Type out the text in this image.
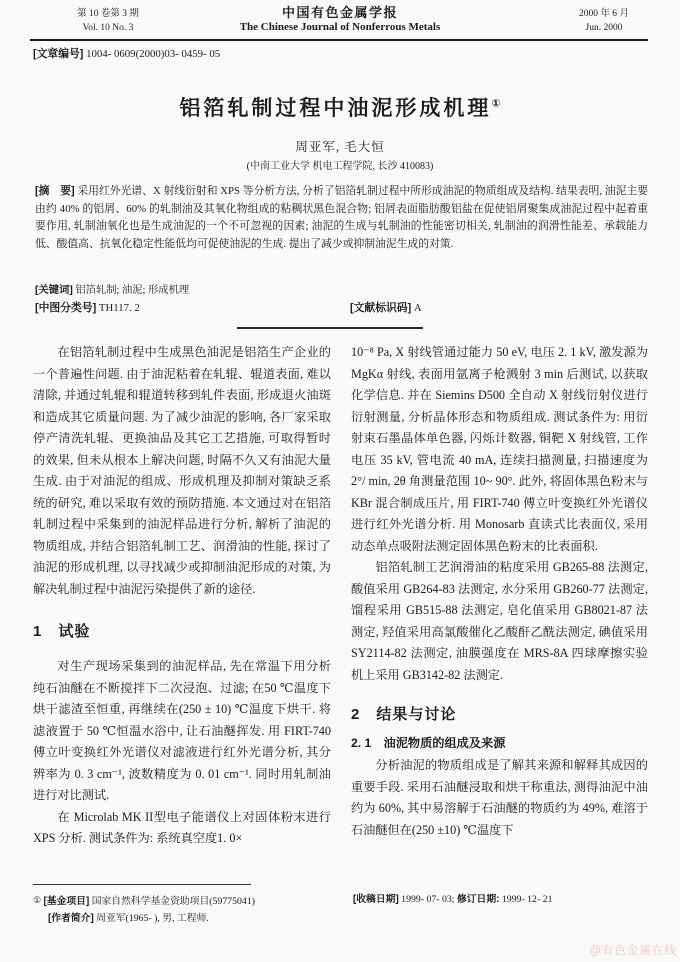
第 10 卷第 3 期
Vol. 10 No. 3
中国有色金属学报
The Chinese Journal of Nonferrous Metals
2000 年 6 月
Jun. 2000
[文章编号] 1004- 0609(2000)03- 0459- 05
铝箔轧制过程中油泥形成机理①
周亚军, 毛大恒
(中南工业大学 机电工程学院, 长沙 410083)
[摘　要] 采用红外光谱、X 射线衍射和 XPS 等分析方法, 分析了铝箔轧制过程中所形成油泥的物质组成及结构. 结果表明, 油泥主要由约 40% 的铝屑、60% 的轧制油及其氧化物组成的粘稠状黑色混合物; 铝屑表面脂肪酸铝盐在促使铝屑聚集成油泥过程中起着重要作用, 轧制油氧化也是生成油泥的一个不可忽视的因素; 油泥的生成与轧制油的性能密切相关, 轧制油的润滑性能差、承载能力低、酸值高、抗氧化稳定性能低均可促使油泥的生成. 提出了减少或抑制油泥生成的对策.
[关键词] 铝箔轧制; 油泥; 形成机理
[中图分类号] TH117. 2	[文献标识码] A

在铝箔轧制过程中生成黑色油泥是铝箔生产企业的一个普遍性问题. 由于油泥粘着在轧辊、辊道表面, 难以清除, 并通过轧辊和辊道转移到轧件表面, 形成退火油斑和造成其它质量问题. 为了减少油泥的影响, 各厂家采取停产清洗轧辊、更换油品及其它工艺措施, 可取得暂时的效果, 但未从根本上解决问题, 时隔不久又有油泥大量生成. 由于对油泥的组成、形成机理及抑制对策缺乏系统的研究, 难以采取有效的预防措施. 本文通过对在铝箔轧制过程中采集到的油泥样品进行分析, 解析了油泥的物质组成, 并结合铝箔轧制工艺、润滑油的性能, 探讨了油泥的形成机理, 以寻找减少或抑制油泥形成的对策, 为解决轧制过程中油泥污染提供了新的途径.

1　试验

对生产现场采集到的油泥样品, 先在常温下用分析纯石油醚在不断搅拌下二次浸泡、过滤; 在50 ℃温度下烘干滤渣至恒重, 再继续在(250 ± 10) ℃温度下烘干. 将滤液置于 50 ℃恒温水浴中, 让石油醚挥发. 用 FIRT-740 傅立叶变换红外光谱仪对滤液进行红外光谱分析, 其分辨率为 0. 3 cm⁻¹, 波数精度为 0. 01 cm⁻¹. 同时用轧制油进行对比测试.

在 Microlab MK II型电子能谱仪上对固体粉末进行 XPS 分析. 测试条件为: 系统真空度1. 0×

10⁻⁸ Pa, X 射线管通过能力 50 eV, 电压 2. 1 kV, 激发源为 MgKα 射线, 表面用氩离子枪溅射 3 min 后测试, 以获取化学信息. 并在 Siemins D500 全自动 X 射线衍射仪进行衍射测量, 分析晶体形态和物质组成. 测试条件为: 用衍射束石墨晶体单色器, 闪烁计数器, 铜靶 X 射线管, 工作电压 35 kV, 管电流 40 mA, 连续扫描测量, 扫描速度为 2°/ min, 2θ 角测量范围 10~ 90°. 此外, 将固体黑色粉末与 KBr 混合制成压片, 用 FIRT-740 傅立叶变换红外光谱仪进行红外光谱分析. 用 Monosarb 直读式比表面仪, 采用动态单点吸附法测定固体黑色粉末的比表面积.

铝箔轧制工艺润滑油的粘度采用 GB265-88 法测定, 酸值采用 GB264-83 法测定, 水分采用 GB260-77 法测定, 馏程采用 GB515-88 法测定, 皂化值采用 GB8021-87 法测定, 羟值采用高氯酸催化乙酸酐乙酰法测定, 碘值采用 SY2114-82 法测定, 油膜强度在 MRS-8A 四球摩擦实验机上采用 GB3142-82 法测定.

2　结果与讨论
2. 1　油泥物质的组成及来源

分析油泥的物质组成是了解其来源和解释其成因的重要手段. 采用石油醚浸取和烘干称重法, 测得油泥中油约为 60%, 其中易溶解于石油醚的物质约为 49%, 难溶于石油醚但在(250 ±10) ℃温度下

① [基金项目] 国家自然科学基金资助项目(59775041)	[收稿日期] 1999- 07- 03; 修订日期: 1999- 12- 21
[作者简介] 周亚军(1965- ), 男, 工程师.
@有色金属在线
